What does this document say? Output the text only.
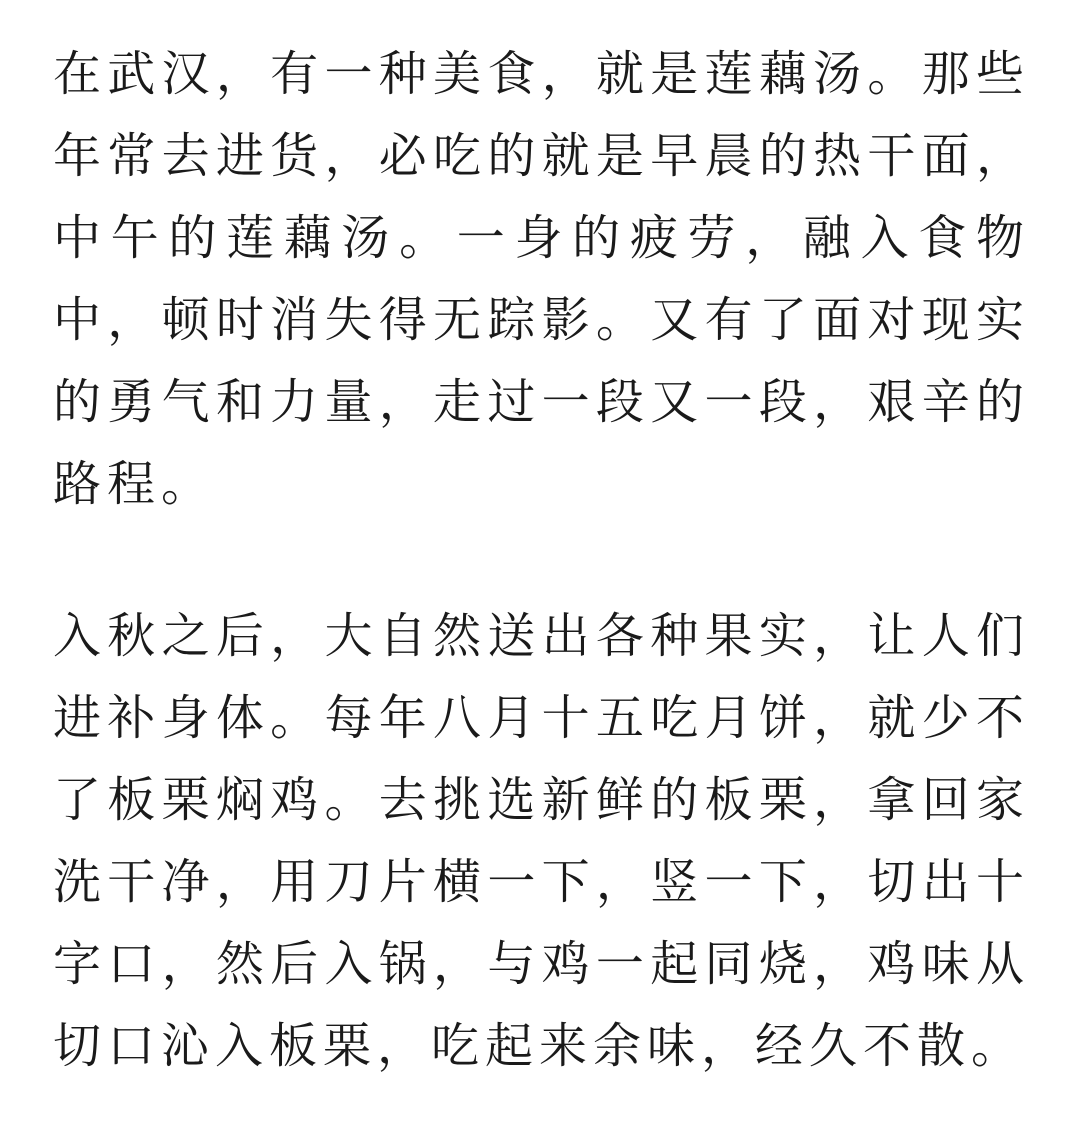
在武汉，有一种美食，就是莲藕汤。那些年常去进货，必吃的就是早晨的热干面，中午的莲藕汤。一身的疲劳，融入食物中，顿时消失得无踪影。又有了面对现实的勇气和力量，走过一段又一段，艰辛的路程。

入秋之后，大自然送出各种果实，让人们进补身体。每年八月十五吃月饼，就少不了板栗焖鸡。去挑选新鲜的板栗，拿回家洗干净，用刀片横一下，竖一下，切出十字口，然后入锅，与鸡一起同烧，鸡味从切口沁入板栗，吃起来余味，经久不散。
